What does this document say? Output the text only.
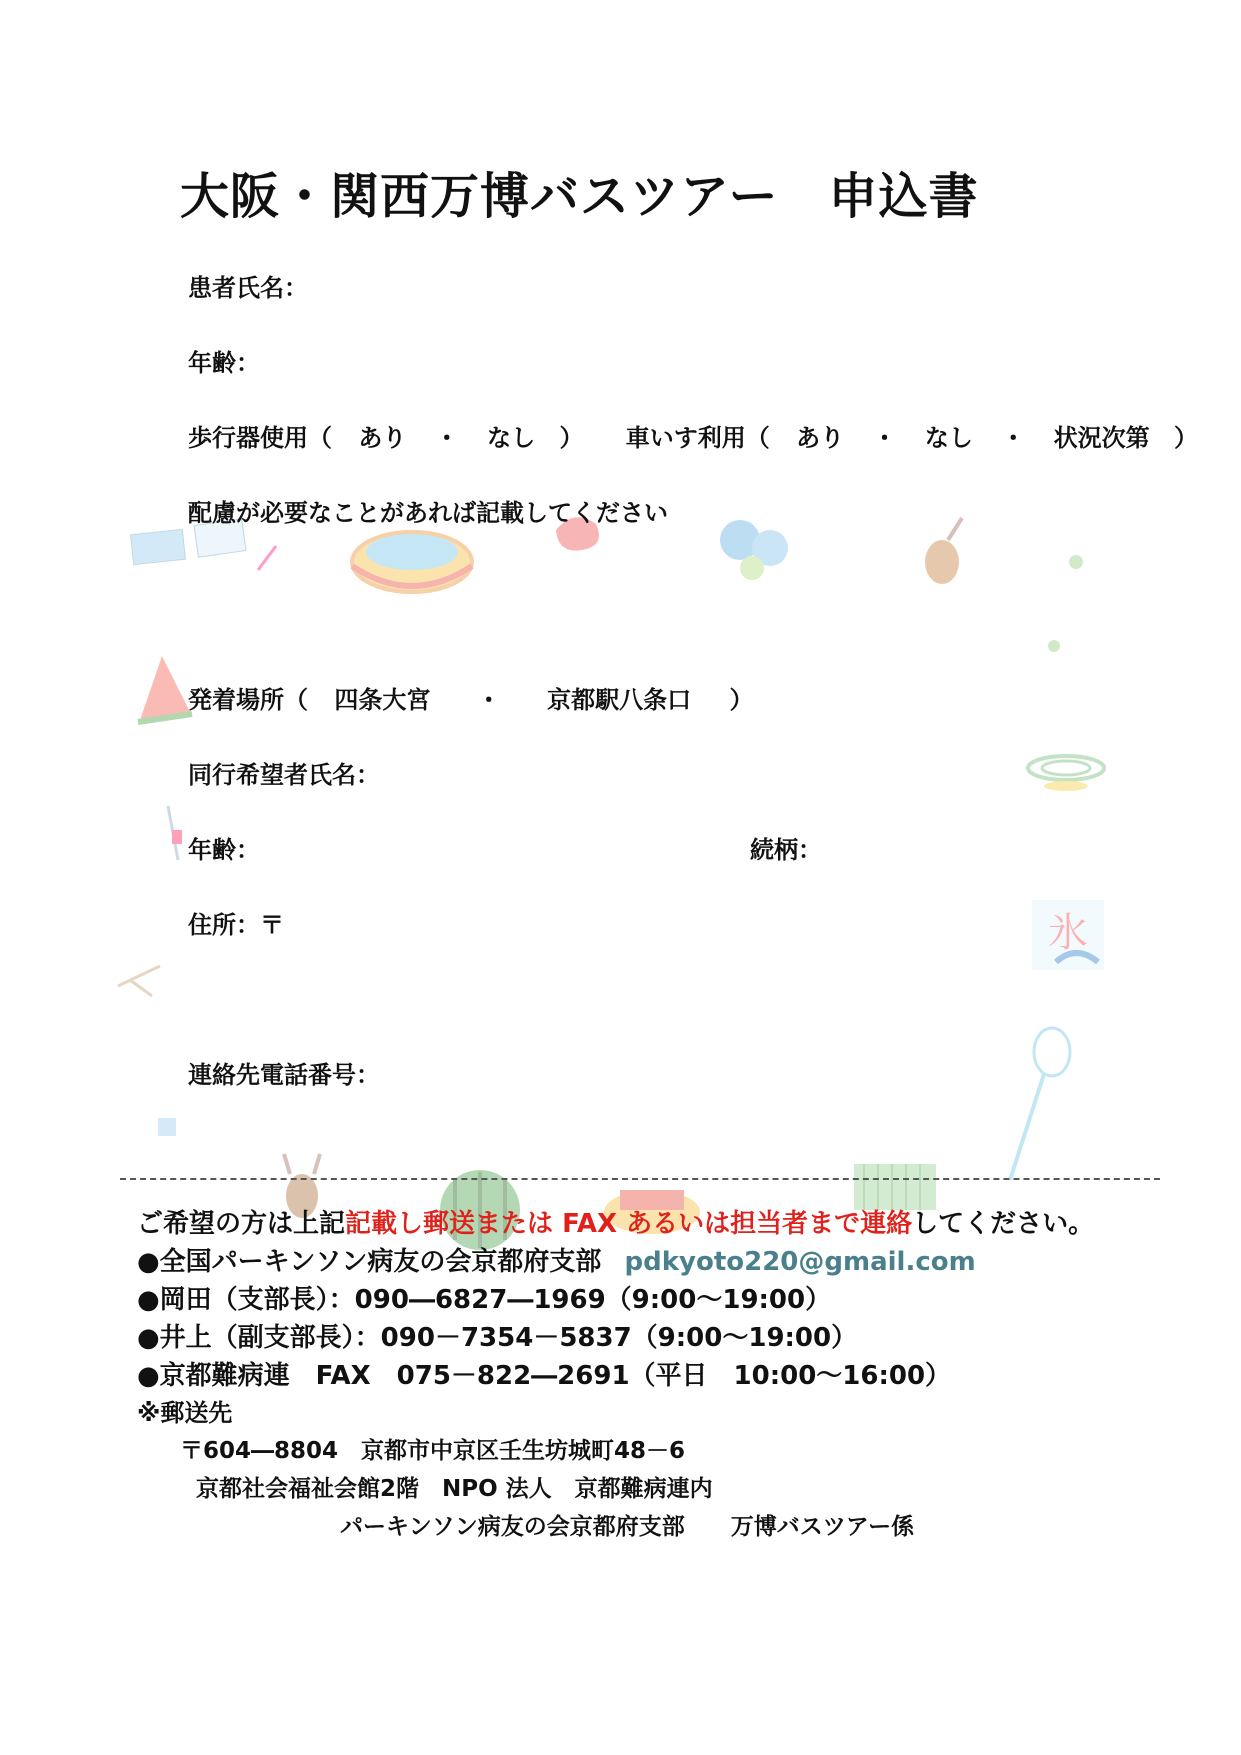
氷
大阪・関西万博バスツアー　申込書
患者氏名：
年齢：
歩行器使用（ あり ・ なし ） 車いす利用（ あり ・ なし ・ 状況次第 ）
配慮が必要なことがあれば記載してください
発着場所（ 四条大宮 ・ 京都駅八条口 ）
同行希望者氏名：
年齢：	続柄：
住所：〒
連絡先電話番号：
ご希望の方は上記記載し郵送または FAX あるいは担当者まで連絡してください。
●全国パーキンソン病友の会京都府支部 pdkyoto220@gmail.com
●岡田（支部長）：090―6827―1969（9:00～19:00）
●井上（副支部長）：090－7354－5837（9:00～19:00）
●京都難病連　FAX　075－822―2691（平日　10:00～16:00）
※郵送先
〒604―8804　京都市中京区壬生坊城町48－6
京都社会福祉会館2階　NPO 法人　京都難病連内
パーキンソン病友の会京都府支部　　万博バスツアー係
